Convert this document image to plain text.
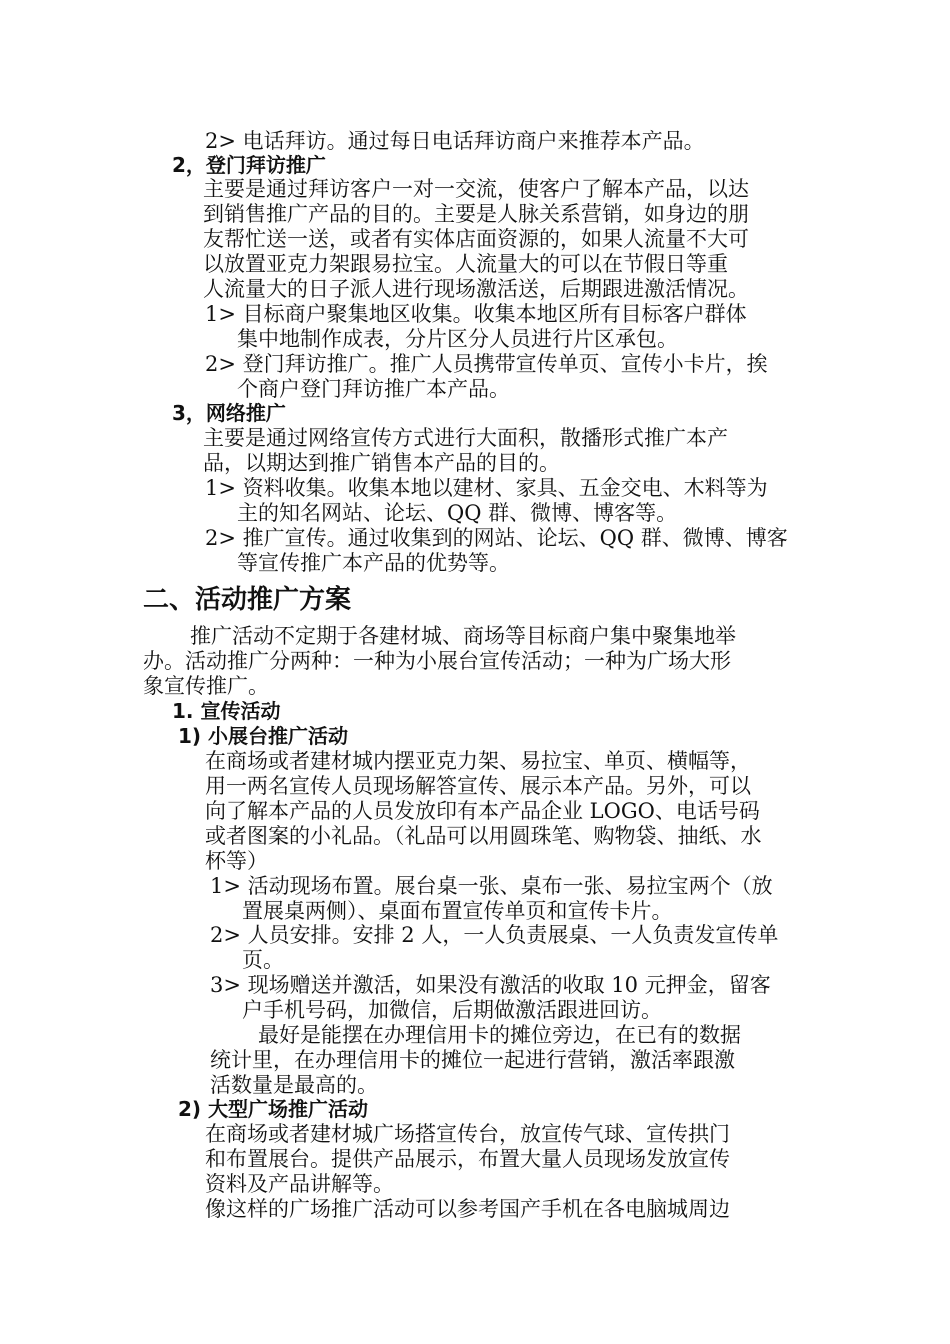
2> 电话拜访。通过每日电话拜访商户来推荐本产品。
2，登门拜访推广
主要是通过拜访客户一对一交流，使客户了解本产品，以达
到销售推广产品的目的。主要是人脉关系营销，如身边的朋
友帮忙送一送，或者有实体店面资源的，如果人流量不大可
以放置亚克力架跟易拉宝。人流量大的可以在节假日等重
人流量大的日子派人进行现场激活送，后期跟进激活情况。
1> 目标商户聚集地区收集。收集本地区所有目标客户群体
集中地制作成表，分片区分人员进行片区承包。
2> 登门拜访推广。推广人员携带宣传单页、宣传小卡片，挨
个商户登门拜访推广本产品。
3，网络推广
主要是通过网络宣传方式进行大面积，散播形式推广本产
品，以期达到推广销售本产品的目的。
1> 资料收集。收集本地以建材、家具、五金交电、木料等为
主的知名网站、论坛、QQ 群、微博、博客等。
2> 推广宣传。通过收集到的网站、论坛、QQ 群、微博、博客
等宣传推广本产品的优势等。
二、活动推广方案
推广活动不定期于各建材城、商场等目标商户集中聚集地举
办。活动推广分两种：一种为小展台宣传活动；一种为广场大形
象宣传推广。
1. 宣传活动
1) 小展台推广活动
在商场或者建材城内摆亚克力架、易拉宝、单页、横幅等，
用一两名宣传人员现场解答宣传、展示本产品。另外，可以
向了解本产品的人员发放印有本产品企业 LOGO、电话号码
或者图案的小礼品。（礼品可以用圆珠笔、购物袋、抽纸、水
杯等）
1> 活动现场布置。展台桌一张、桌布一张、易拉宝两个（放
置展桌两侧）、桌面布置宣传单页和宣传卡片。
2> 人员安排。安排 2 人，一人负责展桌、一人负责发宣传单
页。
3> 现场赠送并激活，如果没有激活的收取 10 元押金，留客
户手机号码，加微信，后期做激活跟进回访。
最好是能摆在办理信用卡的摊位旁边，在已有的数据
统计里，在办理信用卡的摊位一起进行营销，激活率跟激
活数量是最高的。
2) 大型广场推广活动
在商场或者建材城广场搭宣传台，放宣传气球、宣传拱门
和布置展台。提供产品展示，布置大量人员现场发放宣传
资料及产品讲解等。
像这样的广场推广活动可以参考国产手机在各电脑城周边
